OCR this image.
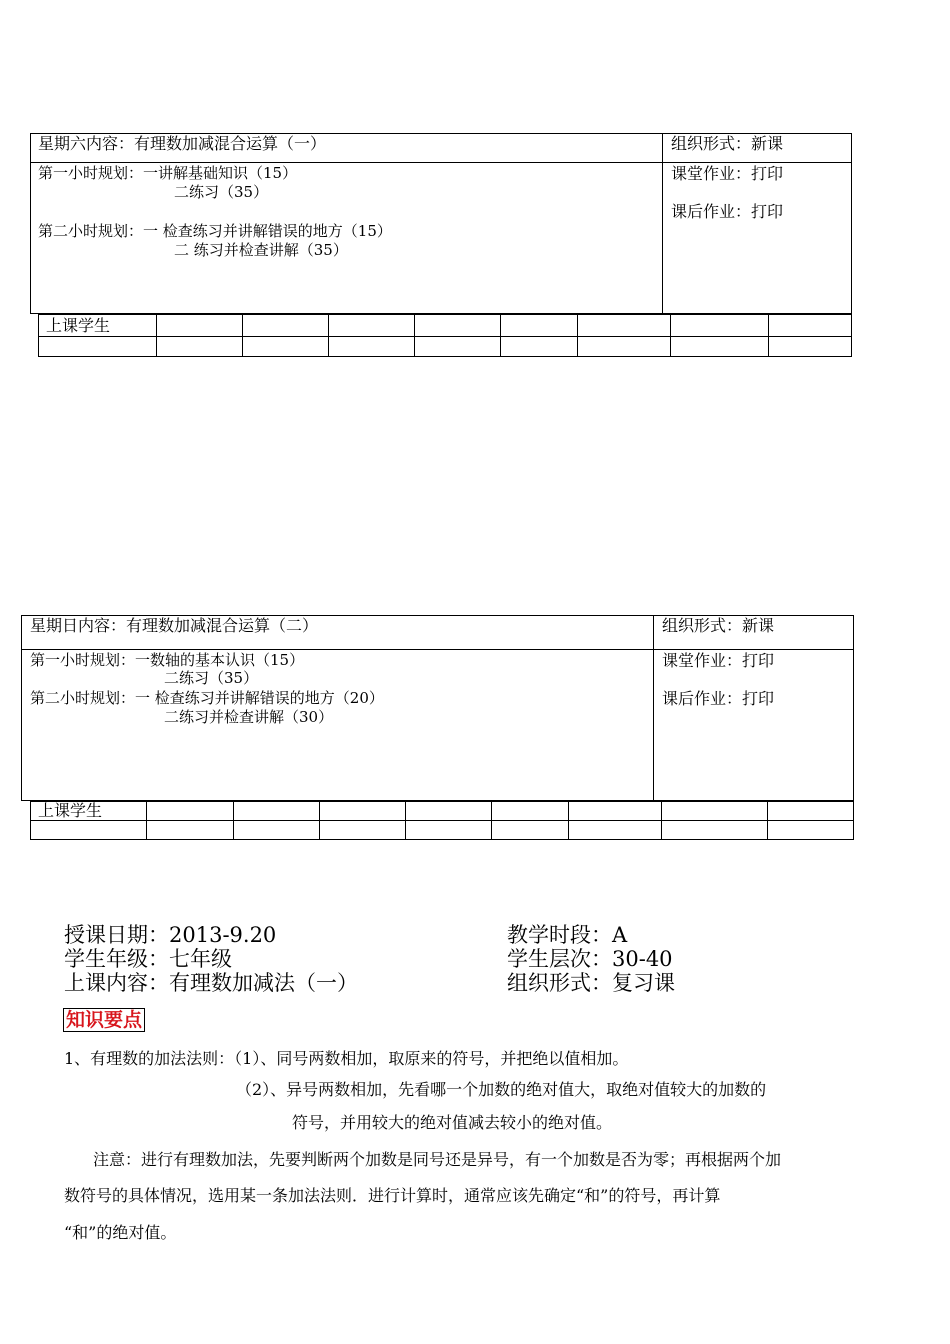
星期六内容：有理数加减混合运算（一）	组织形式：新课
第一小时规划：一讲解基础知识（15）
二练习（35）
第二小时规划：一 检查练习并讲解错误的地方（15）
二 练习并检查讲解（35）
课堂作业：打印
课后作业：打印
上课学生
星期日内容：有理数加减混合运算（二）	组织形式：新课
第一小时规划：一数轴的基本认识（15）
二练习（35）
第二小时规划：一 检查练习并讲解错误的地方（20）
二练习并检查讲解（30）
课堂作业：打印
课后作业：打印
上课学生
授课日期：2013-9.20	教学时段：A
学生年级：七年级	学生层次：30-40
上课内容：有理数加减法（一）	组织形式：复习课
知识要点
1、有理数的加法法则：（1）、同号两数相加，取原来的符号，并把绝以值相加。
（2）、异号两数相加，先看哪一个加数的绝对值大，取绝对值较大的加数的
符号，并用较大的绝对值减去较小的绝对值。
注意：进行有理数加法，先要判断两个加数是同号还是异号，有一个加数是否为零；再根据两个加
数符号的具体情况，选用某一条加法法则．进行计算时，通常应该先确定“和”的符号，再计算
“和”的绝对值。
